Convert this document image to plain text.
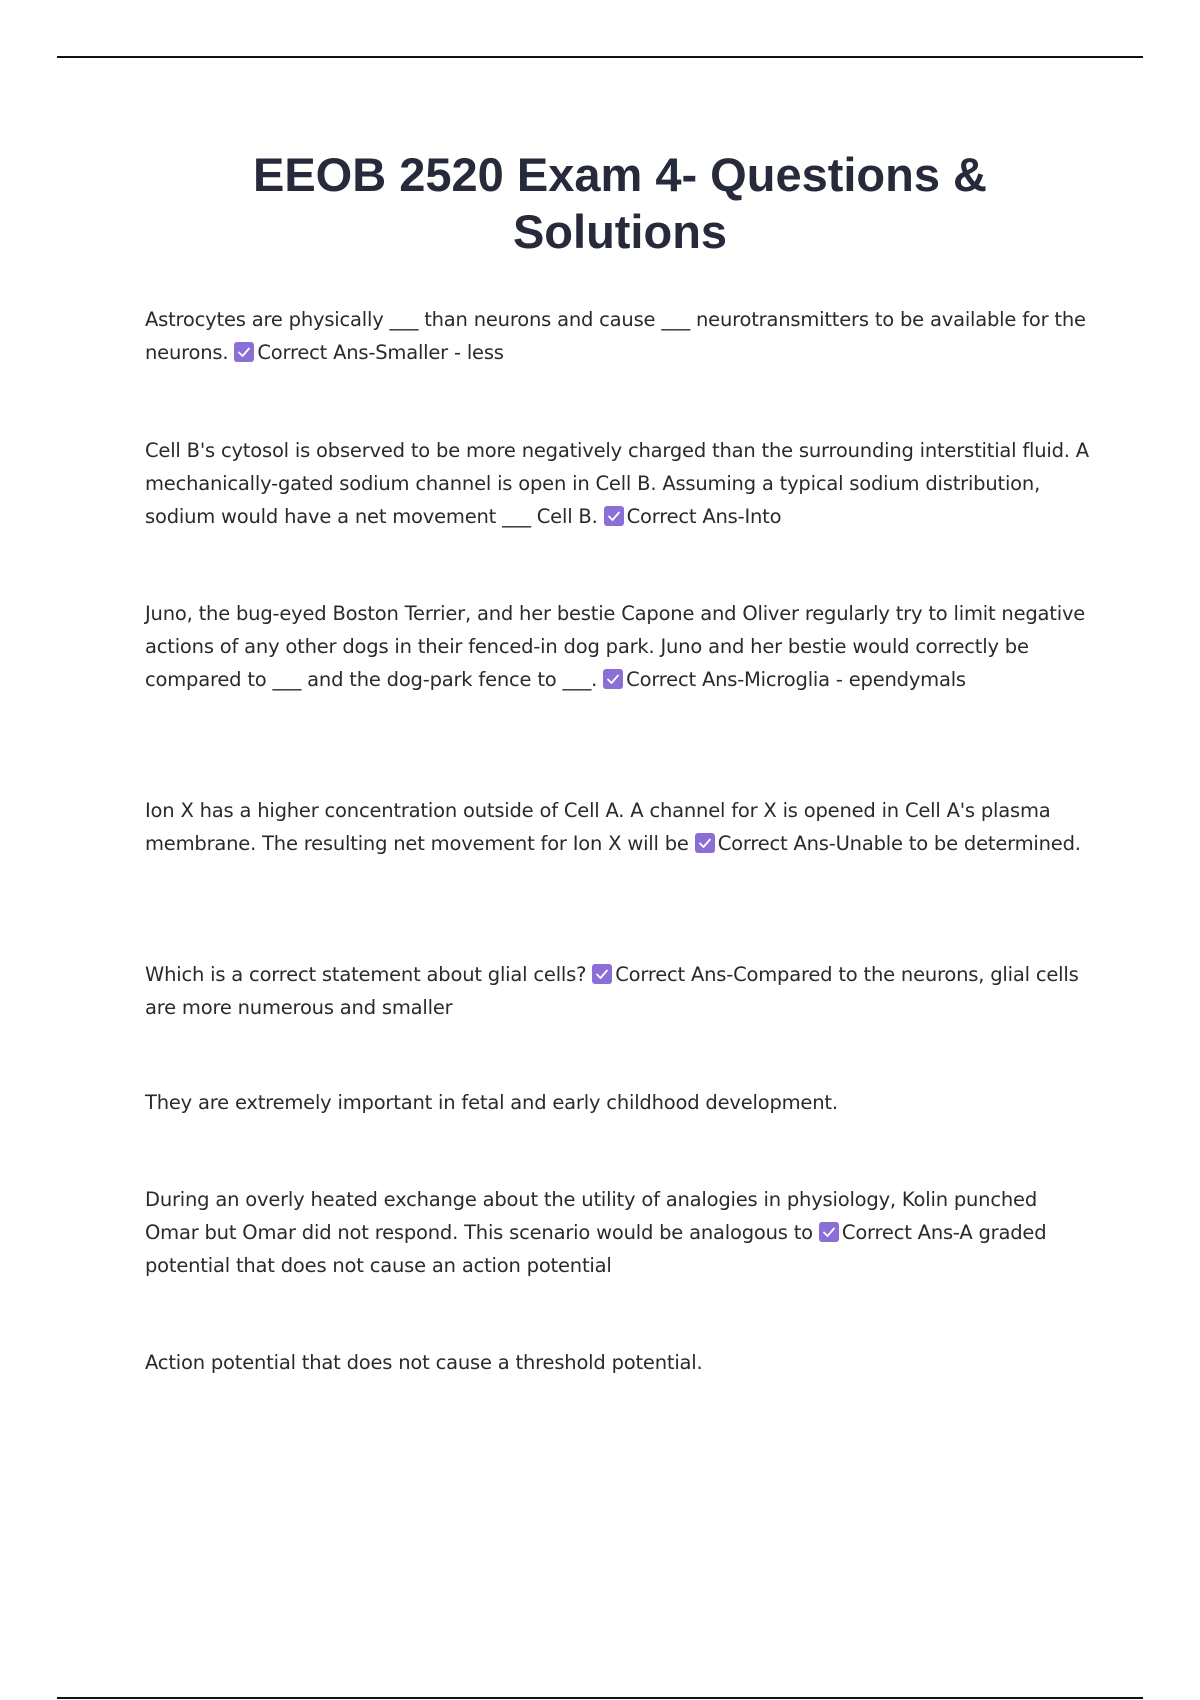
EEOB 2520 Exam 4- Questions & Solutions

Astrocytes are physically ___ than neurons and cause ___ neurotransmitters to be available for the neurons. Correct Ans-Smaller - less

Cell B's cytosol is observed to be more negatively charged than the surrounding interstitial fluid. A mechanically-gated sodium channel is open in Cell B. Assuming a typical sodium distribution, sodium would have a net movement ___ Cell B. Correct Ans-Into

Juno, the bug-eyed Boston Terrier, and her bestie Capone and Oliver regularly try to limit negative actions of any other dogs in their fenced-in dog park. Juno and her bestie would correctly be compared to ___ and the dog-park fence to ___. Correct Ans-Microglia - ependymals

Ion X has a higher concentration outside of Cell A. A channel for X is opened in Cell A's plasma membrane. The resulting net movement for Ion X will be Correct Ans-Unable to be determined.

Which is a correct statement about glial cells? Correct Ans-Compared to the neurons, glial cells are more numerous and smaller

They are extremely important in fetal and early childhood development.

During an overly heated exchange about the utility of analogies in physiology, Kolin punched Omar but Omar did not respond. This scenario would be analogous to Correct Ans-A graded potential that does not cause an action potential

Action potential that does not cause a threshold potential.
